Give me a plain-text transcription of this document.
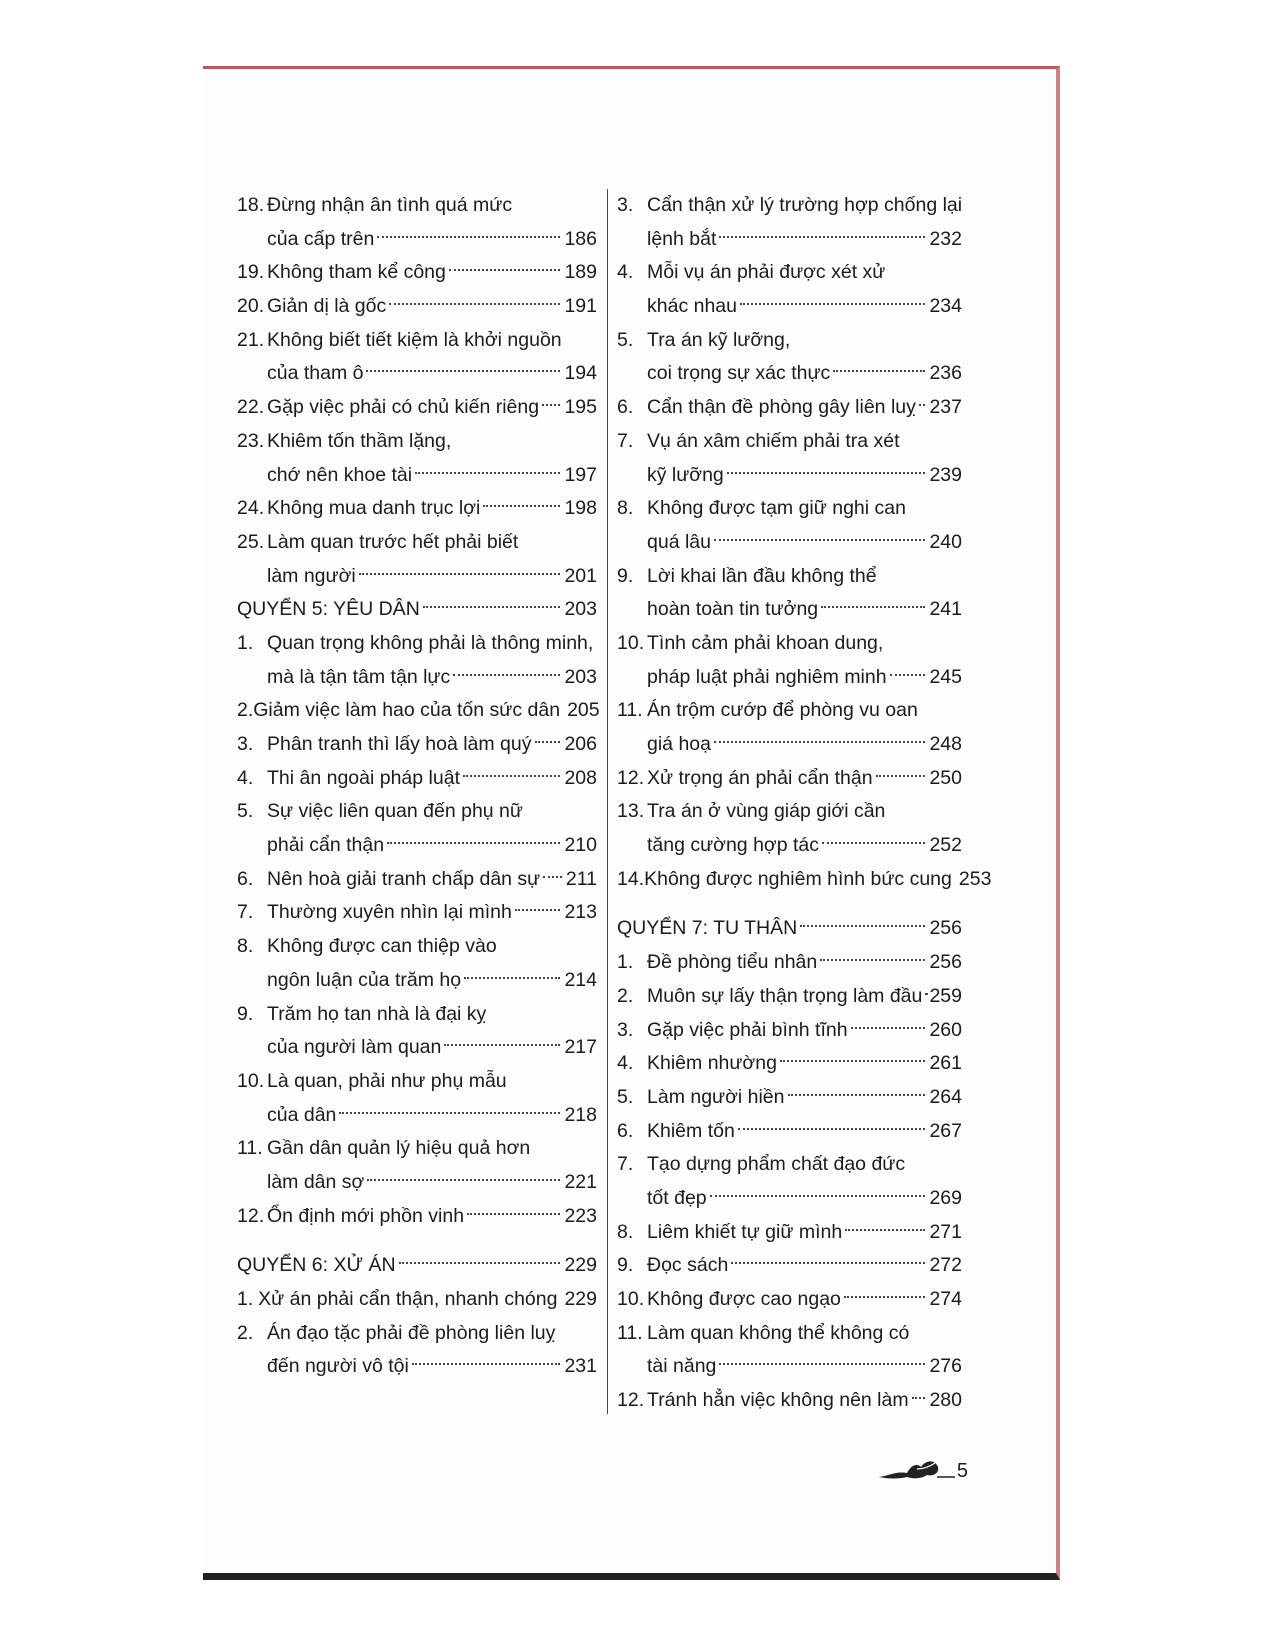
18. Đừng nhận ân tình quá mức
của cấp trên	186
19. Không tham kể công	189
20. Giản dị là gốc	191
21. Không biết tiết kiệm là khởi nguồn
của tham ô	194
22. Gặp việc phải có chủ kiến riêng 195
23. Khiêm tốn thầm lặng,
chớ nên khoe tài	197
24. Không mua danh trục lợi	198
25. Làm quan trước hết phải biết
làm người	201
QUYỂN 5: YÊU DÂN	203
1. Quan trọng không phải là thông minh,
mà là tận tâm tận lực	203
2. Giảm việc làm hao của tốn sức dân 205
3. Phân tranh thì lấy hoà làm quý 206
4. Thi ân ngoài pháp luật	208
5. Sự việc liên quan đến phụ nữ
phải cẩn thận	210
6. Nên hoà giải tranh chấp dân sự 211
7. Thường xuyên nhìn lại mình	213
8. Không được can thiệp vào
ngôn luận của trăm họ	214
9. Trăm họ tan nhà là đại kỵ
của người làm quan	217
10. Là quan, phải như phụ mẫu
của dân	218
11. Gần dân quản lý hiệu quả hơn
làm dân sợ	221
12. Ổn định mới phồn vinh	223
QUYỂN 6: XỬ ÁN	229
1. Xử án phải cẩn thận, nhanh chóng 229
2. Án đạo tặc phải đề phòng liên luỵ
đến người vô tội	231
3. Cẩn thận xử lý trường hợp chống lại
lệnh bắt	232
4. Mỗi vụ án phải được xét xử
khác nhau	234
5. Tra án kỹ lưỡng,
coi trọng sự xác thực	236
6. Cẩn thận đề phòng gây liên luỵ 237
7. Vụ án xâm chiếm phải tra xét
kỹ lưỡng	239
8. Không được tạm giữ nghi can
quá lâu	240
9. Lời khai lần đầu không thể
hoàn toàn tin tưởng	241
10. Tình cảm phải khoan dung,
pháp luật phải nghiêm minh 245
11. Án trộm cướp để phòng vu oan
giá hoạ	248
12. Xử trọng án phải cẩn thận	250
13. Tra án ở vùng giáp giới cần
tăng cường hợp tác	252
14. Không được nghiêm hình bức cung 253
QUYỂN 7: TU THÂN	256
1. Đề phòng tiểu nhân	256
2. Muôn sự lấy thận trọng làm đầu 259
3. Gặp việc phải bình tĩnh	260
4. Khiêm nhường	261
5. Làm người hiền	264
6. Khiêm tốn	267
7. Tạo dựng phẩm chất đạo đức
tốt đẹp	269
8. Liêm khiết tự giữ mình	271
9. Đọc sách	272
10. Không được cao ngạo	274
11. Làm quan không thể không có
tài năng	276
12. Tránh hẳn việc không nên làm 280
5
